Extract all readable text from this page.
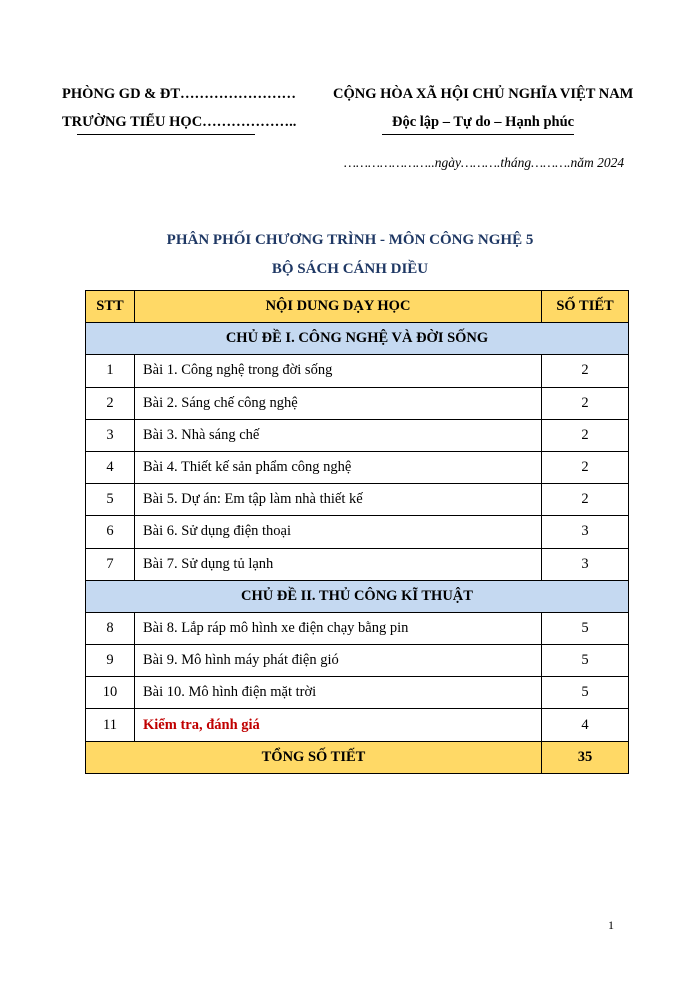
PHÒNG GD & ĐT……………………
TRƯỜNG TIỂU HỌC………………..
CỘNG HÒA XÃ HỘI CHỦ NGHĨA VIỆT NAM
Độc lập – Tự do – Hạnh phúc
…………………..ngày……….tháng……….năm 2024
PHÂN PHỐI CHƯƠNG TRÌNH - MÔN CÔNG NGHỆ 5
BỘ SÁCH CÁNH DIỀU
STT	NỘI DUNG DẠY HỌC	SỐ TIẾT
CHỦ ĐỀ I. CÔNG NGHỆ VÀ ĐỜI SỐNG		
1	Bài 1. Công nghệ trong đời sống	2
2	Bài 2. Sáng chế công nghệ	2
3	Bài 3. Nhà sáng chế	2
4	Bài 4. Thiết kế sản phẩm công nghệ	2
5	Bài 5. Dự án: Em tập làm nhà thiết kế	2
6	Bài 6. Sử dụng điện thoại	3
7	Bài 7. Sử dụng tủ lạnh	3
CHỦ ĐỀ II. THỦ CÔNG KĨ THUẬT		
8	Bài 8. Lắp ráp mô hình xe điện chạy bằng pin	5
9	Bài 9. Mô hình máy phát điện gió	5
10	Bài 10. Mô hình điện mặt trời	5
11	Kiểm tra, đánh giá	4
TỔNG SỐ TIẾT		35
1
